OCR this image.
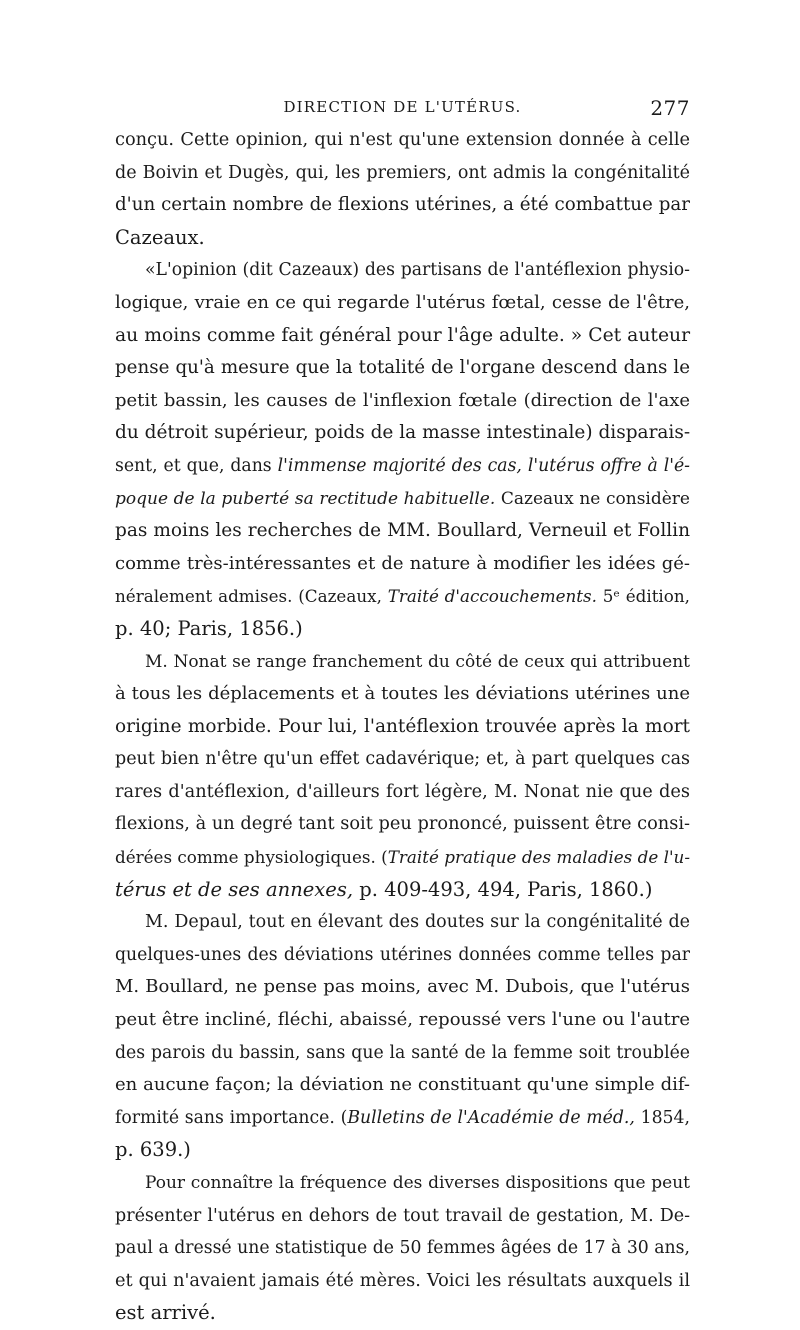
DIRECTION DE L'UTÉRUS.	277
conçu. Cette opinion, qui n'est qu'une extension donnée à celle
de Boivin et Dugès, qui, les premiers, ont admis la congénitalité
d'un certain nombre de flexions utérines, a été combattue par
Cazeaux.
«L'opinion (dit Cazeaux) des partisans de l'antéflexion physio-
logique, vraie en ce qui regarde l'utérus fœtal, cesse de l'être,
au moins comme fait général pour l'âge adulte. » Cet auteur
pense qu'à mesure que la totalité de l'organe descend dans le
petit bassin, les causes de l'inflexion fœtale (direction de l'axe
du détroit supérieur, poids de la masse intestinale) disparais-
sent, et que, dans l'immense majorité des cas, l'utérus offre à l'é-
poque de la puberté sa rectitude habituelle. Cazeaux ne considère
pas moins les recherches de MM. Boullard, Verneuil et Follin
comme très-intéressantes et de nature à modifier les idées gé-
néralement admises. (Cazeaux, Traité d'accouchements. 5ᵉ édition,
p. 40; Paris, 1856.)
M. Nonat se range franchement du côté de ceux qui attribuent
à tous les déplacements et à toutes les déviations utérines une
origine morbide. Pour lui, l'antéflexion trouvée après la mort
peut bien n'être qu'un effet cadavérique; et, à part quelques cas
rares d'antéflexion, d'ailleurs fort légère, M. Nonat nie que des
flexions, à un degré tant soit peu prononcé, puissent être consi-
dérées comme physiologiques. (Traité pratique des maladies de l'u-
térus et de ses annexes, p. 409-493, 494, Paris, 1860.)
M. Depaul, tout en élevant des doutes sur la congénitalité de
quelques-unes des déviations utérines données comme telles par
M. Boullard, ne pense pas moins, avec M. Dubois, que l'utérus
peut être incliné, fléchi, abaissé, repoussé vers l'une ou l'autre
des parois du bassin, sans que la santé de la femme soit troublée
en aucune façon; la déviation ne constituant qu'une simple dif-
formité sans importance. (Bulletins de l'Académie de méd., 1854,
p. 639.)
Pour connaître la fréquence des diverses dispositions que peut
présenter l'utérus en dehors de tout travail de gestation, M. De-
paul a dressé une statistique de 50 femmes âgées de 17 à 30 ans,
et qui n'avaient jamais été mères. Voici les résultats auxquels il
est arrivé.
